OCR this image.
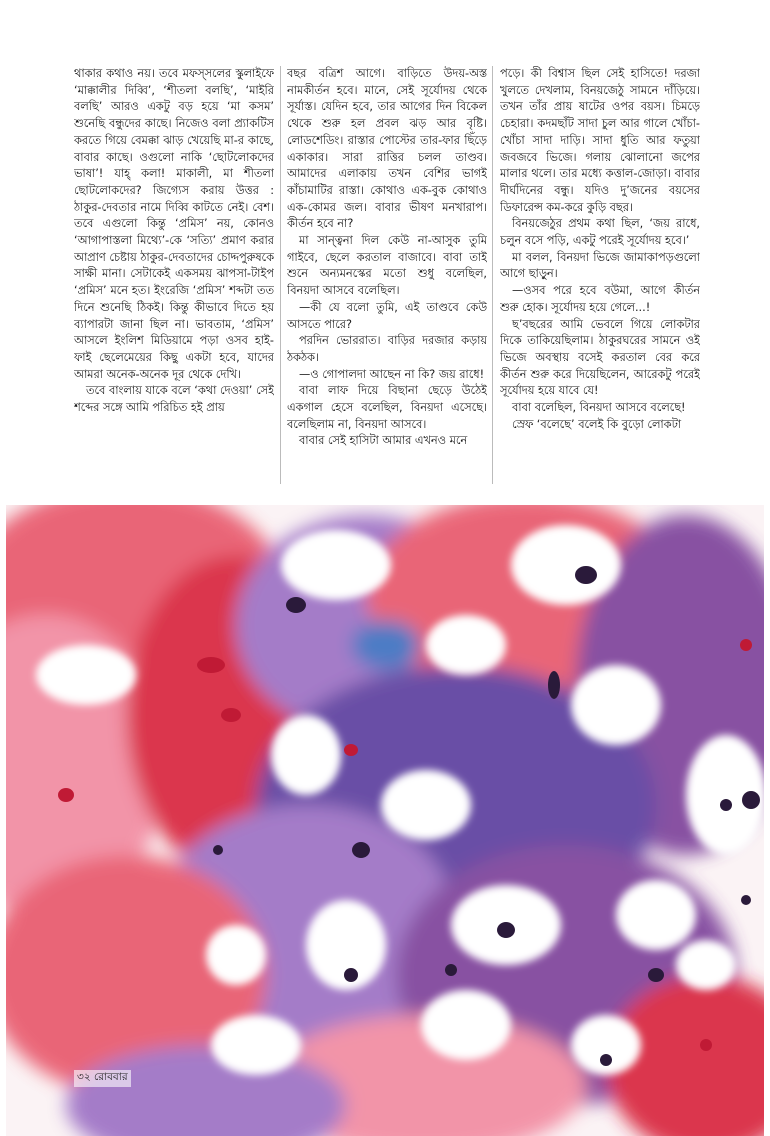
থাকার কথাও নয়। তবে মফস্সলের স্কুলাইফে ‘মাক্কালীর দিব্বি’, ‘শীতলা বলছি’, ‘মাইরি বলছি’ আরও একটু বড় হয়ে ‘মা কসম’ শুনেছি বন্ধুদের কাছে। নিজেও বলা প্র্যাকটিস করতে গিয়ে বেমক্কা ঝাড় খেয়েছি মা-র কাছে, বাবার কাছে। ওগুলো নাকি ‘ছোটলোকদের ভাষা’! যাহ্‌ কলা! মাকালী, মা শীতলা ছোটলোকদের? জিগ্যেস করায় উত্তর : ঠাকুর-দেবতার নামে দিব্বি কাটতে নেই। বেশ। তবে এগুলো কিন্তু ‘প্রমিস’ নয়, কোনও ‘আগাপাস্তলা মিথ্যে’-কে ‘সত্যি’ প্রমাণ করার আপ্রাণ চেষ্টায় ঠাকুর-দেবতাদের চোদ্দপুরুষকে সাক্ষী মানা। সেটাকেই একসময় ঝাপসা-টাইপ ‘প্রমিস’ মনে হত। ইংরেজি ‘প্রমিস’ শব্দটা তত দিনে শুনেছি ঠিকই। কিন্তু কীভাবে দিতে হয় ব্যাপারটা জানা ছিল না। ভাবতাম, ‘প্রমিস’ আসলে ইংলিশ মিডিয়ামে পড়া ওসব হাই-ফাই ছেলেমেয়ের কিছু একটা হবে, যাদের আমরা অনেক-অনেক দূর থেকে দেখি।

তবে বাংলায় যাকে বলে ‘কথা দেওয়া’ সেই শব্দের সঙ্গে আমি পরিচিত হই প্রায়

বছর বত্রিশ আগে। বাড়িতে উদয়-অস্ত নামকীর্তন হবে। মানে, সেই সূর্যোদয় থেকে সূর্যাস্ত। যেদিন হবে, তার আগের দিন বিকেল থেকে শুরু হল প্রবল ঝড় আর বৃষ্টি। লোডশেডিং। রাস্তার পোস্টের তার-ফার ছিঁড়ে একাকার। সারা রাত্তির চলল তাণ্ডব। আমাদের এলাকায় তখন বেশির ভাগই কাঁচামাটির রাস্তা। কোথাও এক-বুক কোথাও এক-কোমর জল। বাবার ভীষণ মনখারাপ। কীর্তন হবে না?

মা সান্ত্বনা দিল কেউ না-আসুক তুমি গাইবে, ছেলে করতাল বাজাবে। বাবা তাই শুনে অন্যমনস্কের মতো শুধু বলেছিল, বিনয়দা আসবে বলেছিল।

—কী যে বলো তুমি, এই তাণ্ডবে কেউ আসতে পারে?

পরদিন ভোররাত। বাড়ির দরজার কড়ায় ঠকঠক।

—ও গোপালদা আছেন না কি? জয় রাধে!

বাবা লাফ দিয়ে বিছানা ছেড়ে উঠেই একগাল হেসে বলেছিল, বিনয়দা এসেছে। বলেছিলাম না, বিনয়দা আসবে।

বাবার সেই হাসিটা আমার এখনও মনে

পড়ে। কী বিশ্বাস ছিল সেই হাসিতে! দরজা খুলতে দেখলাম, বিনয়জেঠু সামনে দাঁড়িয়ে। তখন তাঁর প্রায় ষাটের ওপর বয়স। চিমড়ে চেহারা। কদমছাঁট সাদা চুল আর গালে খোঁচা-খোঁচা সাদা দাড়ি। সাদা ধুতি আর ফতুয়া জবজবে ভিজে। গলায় ঝোলানো জপের মালার থলে। তার মধ্যে কত্তাল-জোড়া। বাবার দীর্ঘদিনের বন্ধু। যদিও দু’জনের বয়সের ডিফারেন্স কম-করে কুড়ি বছর।

বিনয়জেঠুর প্রথম কথা ছিল, ‘জয় রাধে, চলুন বসে পড়ি, একটু পরেই সূর্যোদয় হবে।’

মা বলল, বিনয়দা ভিজে জামাকাপড়গুলো আগে ছাড়ুন।

—ওসব পরে হবে বউমা, আগে কীর্তন শুরু হোক। সূর্যোদয় হয়ে গেলে...!

ছ’বছরের আমি ভেবলে গিয়ে লোকটার দিকে তাকিয়েছিলাম। ঠাকুরঘরের সামনে ওই ভিজে অবস্থায় বসেই করতাল বের করে কীর্তন শুরু করে দিয়েছিলেন, আরেকটু পরেই সূর্যোদয় হয়ে যাবে যে!

বাবা বলেছিল, বিনয়দা আসবে বলেছে!

স্রেফ ‘বলেছে’ বলেই কি বুড়ো লোকটা

৩২ রোববার
